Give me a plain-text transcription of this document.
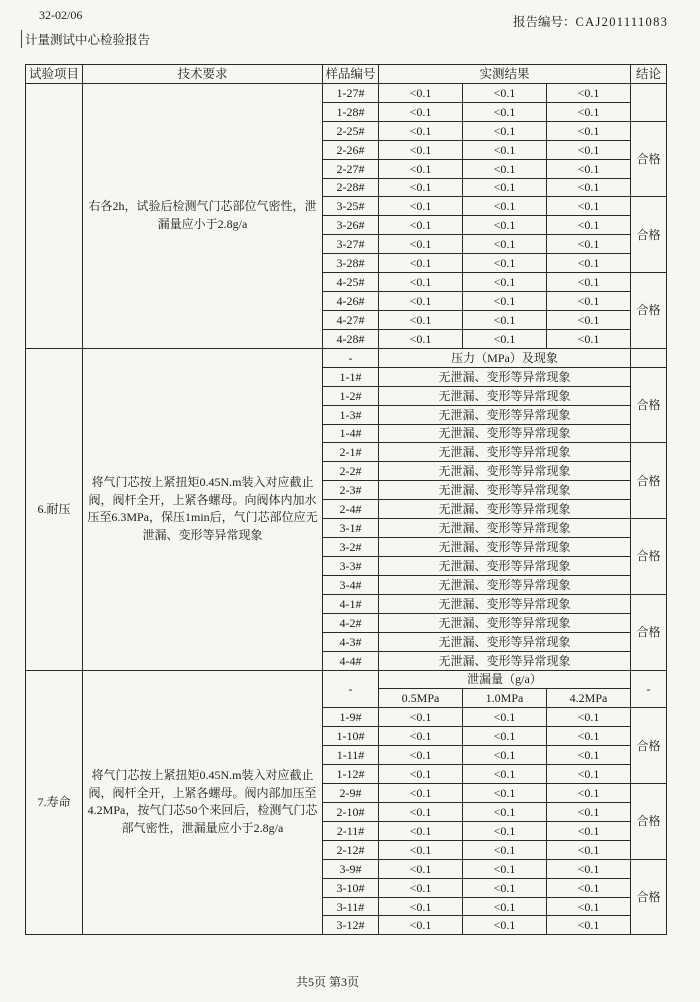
32-02/06
计量测试中心检验报告
报告编号：CAJ201111083
试验项目	技术要求	样品编号	实测结果			结论

	右各2h，试验后检测气门芯部位气密性，泄
漏量应小于2.8g/a	1-27#	<0.1	<0.1	<0.1	
		1-28#	<0.1	<0.1	<0.1	
		2-25#	<0.1	<0.1	<0.1	合格
		2-26#	<0.1	<0.1	<0.1	
		2-27#	<0.1	<0.1	<0.1	
		2-28#	<0.1	<0.1	<0.1	
		3-25#	<0.1	<0.1	<0.1	合格
		3-26#	<0.1	<0.1	<0.1	
		3-27#	<0.1	<0.1	<0.1	
		3-28#	<0.1	<0.1	<0.1	
		4-25#	<0.1	<0.1	<0.1	合格
		4-26#	<0.1	<0.1	<0.1	
		4-27#	<0.1	<0.1	<0.1	
		4-28#	<0.1	<0.1	<0.1	
6.耐压	将气门芯按上紧扭矩0.45N.m装入对应截止
阀，阀杆全开，上紧各螺母。向阀体内加水
压至6.3MPa，保压1min后，气门芯部位应无
泄漏、变形等异常现象	-	压力（MPa）及现象			
		1-1#	无泄漏、变形等异常现象			合格
		1-2#	无泄漏、变形等异常现象			
		1-3#	无泄漏、变形等异常现象			
		1-4#	无泄漏、变形等异常现象			
		2-1#	无泄漏、变形等异常现象			合格
		2-2#	无泄漏、变形等异常现象			
		2-3#	无泄漏、变形等异常现象			
		2-4#	无泄漏、变形等异常现象			
		3-1#	无泄漏、变形等异常现象			合格
		3-2#	无泄漏、变形等异常现象			
		3-3#	无泄漏、变形等异常现象			
		3-4#	无泄漏、变形等异常现象			
		4-1#	无泄漏、变形等异常现象			合格
		4-2#	无泄漏、变形等异常现象			
		4-3#	无泄漏、变形等异常现象			
		4-4#	无泄漏、变形等异常现象			
7.寿命	将气门芯按上紧扭矩0.45N.m装入对应截止
阀，阀杆全开，上紧各螺母。阀内部加压至
4.2MPa，按气门芯50个来回后，检测气门芯
部气密性，泄漏量应小于2.8g/a	-	泄漏量（g/a）			-
			0.5MPa	1.0MPa	4.2MPa	
		1-9#	<0.1	<0.1	<0.1	合格
		1-10#	<0.1	<0.1	<0.1	
		1-11#	<0.1	<0.1	<0.1	
		1-12#	<0.1	<0.1	<0.1	
		2-9#	<0.1	<0.1	<0.1	合格
		2-10#	<0.1	<0.1	<0.1	
		2-11#	<0.1	<0.1	<0.1	
		2-12#	<0.1	<0.1	<0.1	
		3-9#	<0.1	<0.1	<0.1	合格
		3-10#	<0.1	<0.1	<0.1	
		3-11#	<0.1	<0.1	<0.1	
		3-12#	<0.1	<0.1	<0.1	
共5页 第3页
